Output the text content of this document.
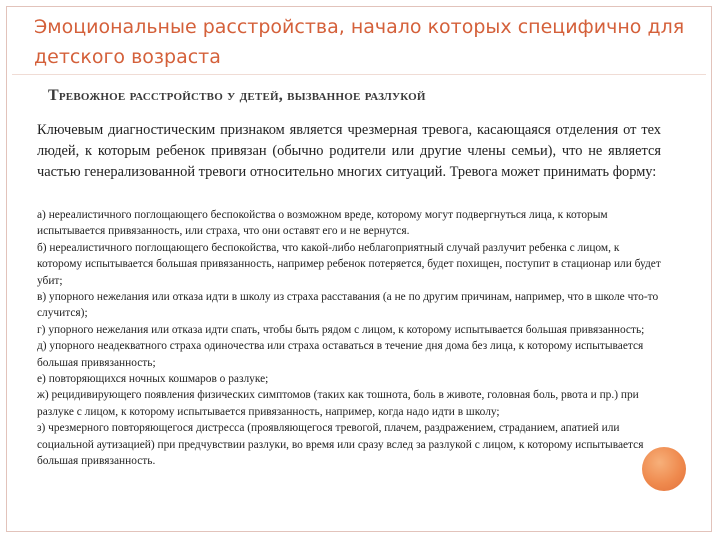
Эмоциональные расстройства, начало которых специфично для детского возраста
Тревожное расстройство у детей, вызванное разлукой

Ключевым диагностическим признаком является чрезмерная тревога, касающаяся отделения от тех людей, к которым ребенок привязан (обычно родители или другие члены семьи), что не является частью генерализованной тревоги относительно многих ситуаций. Тревога может принимать форму:

а) нереалистичного поглощающего беспокойства о возможном вреде, которому могут подвергнуться лица, к которым испытывается привязанность, или страха, что они оставят его и не вернутся.
б) нереалистичного поглощающего беспокойства, что какой-либо неблагоприятный случай разлучит ребенка с лицом, к которому испытывается большая привязанность, например ребенок потеряется, будет похищен, поступит в стационар или будет убит;
в) упорного нежелания или отказа идти в школу из страха расставания (а не по другим причинам, например, что в школе что-то случится);
г) упорного нежелания или отказа идти спать, чтобы быть рядом с лицом, к которому испытывается большая привязанность;
д) упорного неадекватного страха одиночества или страха оставаться в течение дня дома без лица, к которому испытывается большая привязанность;
е) повторяющихся ночных кошмаров о разлуке;
ж) рецидивирующего появления физических симптомов (таких как тошнота, боль в животе, головная боль, рвота и пр.) при разлуке с лицом, к которому испытывается привязанность, например, когда надо идти в школу;
з) чрезмерного повторяющегося дистресса (проявляющегося тревогой, плачем, раздражением, страданием, апатией или социальной аутизацией) при предчувствии разлуки, во время или сразу вслед за разлукой с лицом, к которому испытывается большая привязанность.
